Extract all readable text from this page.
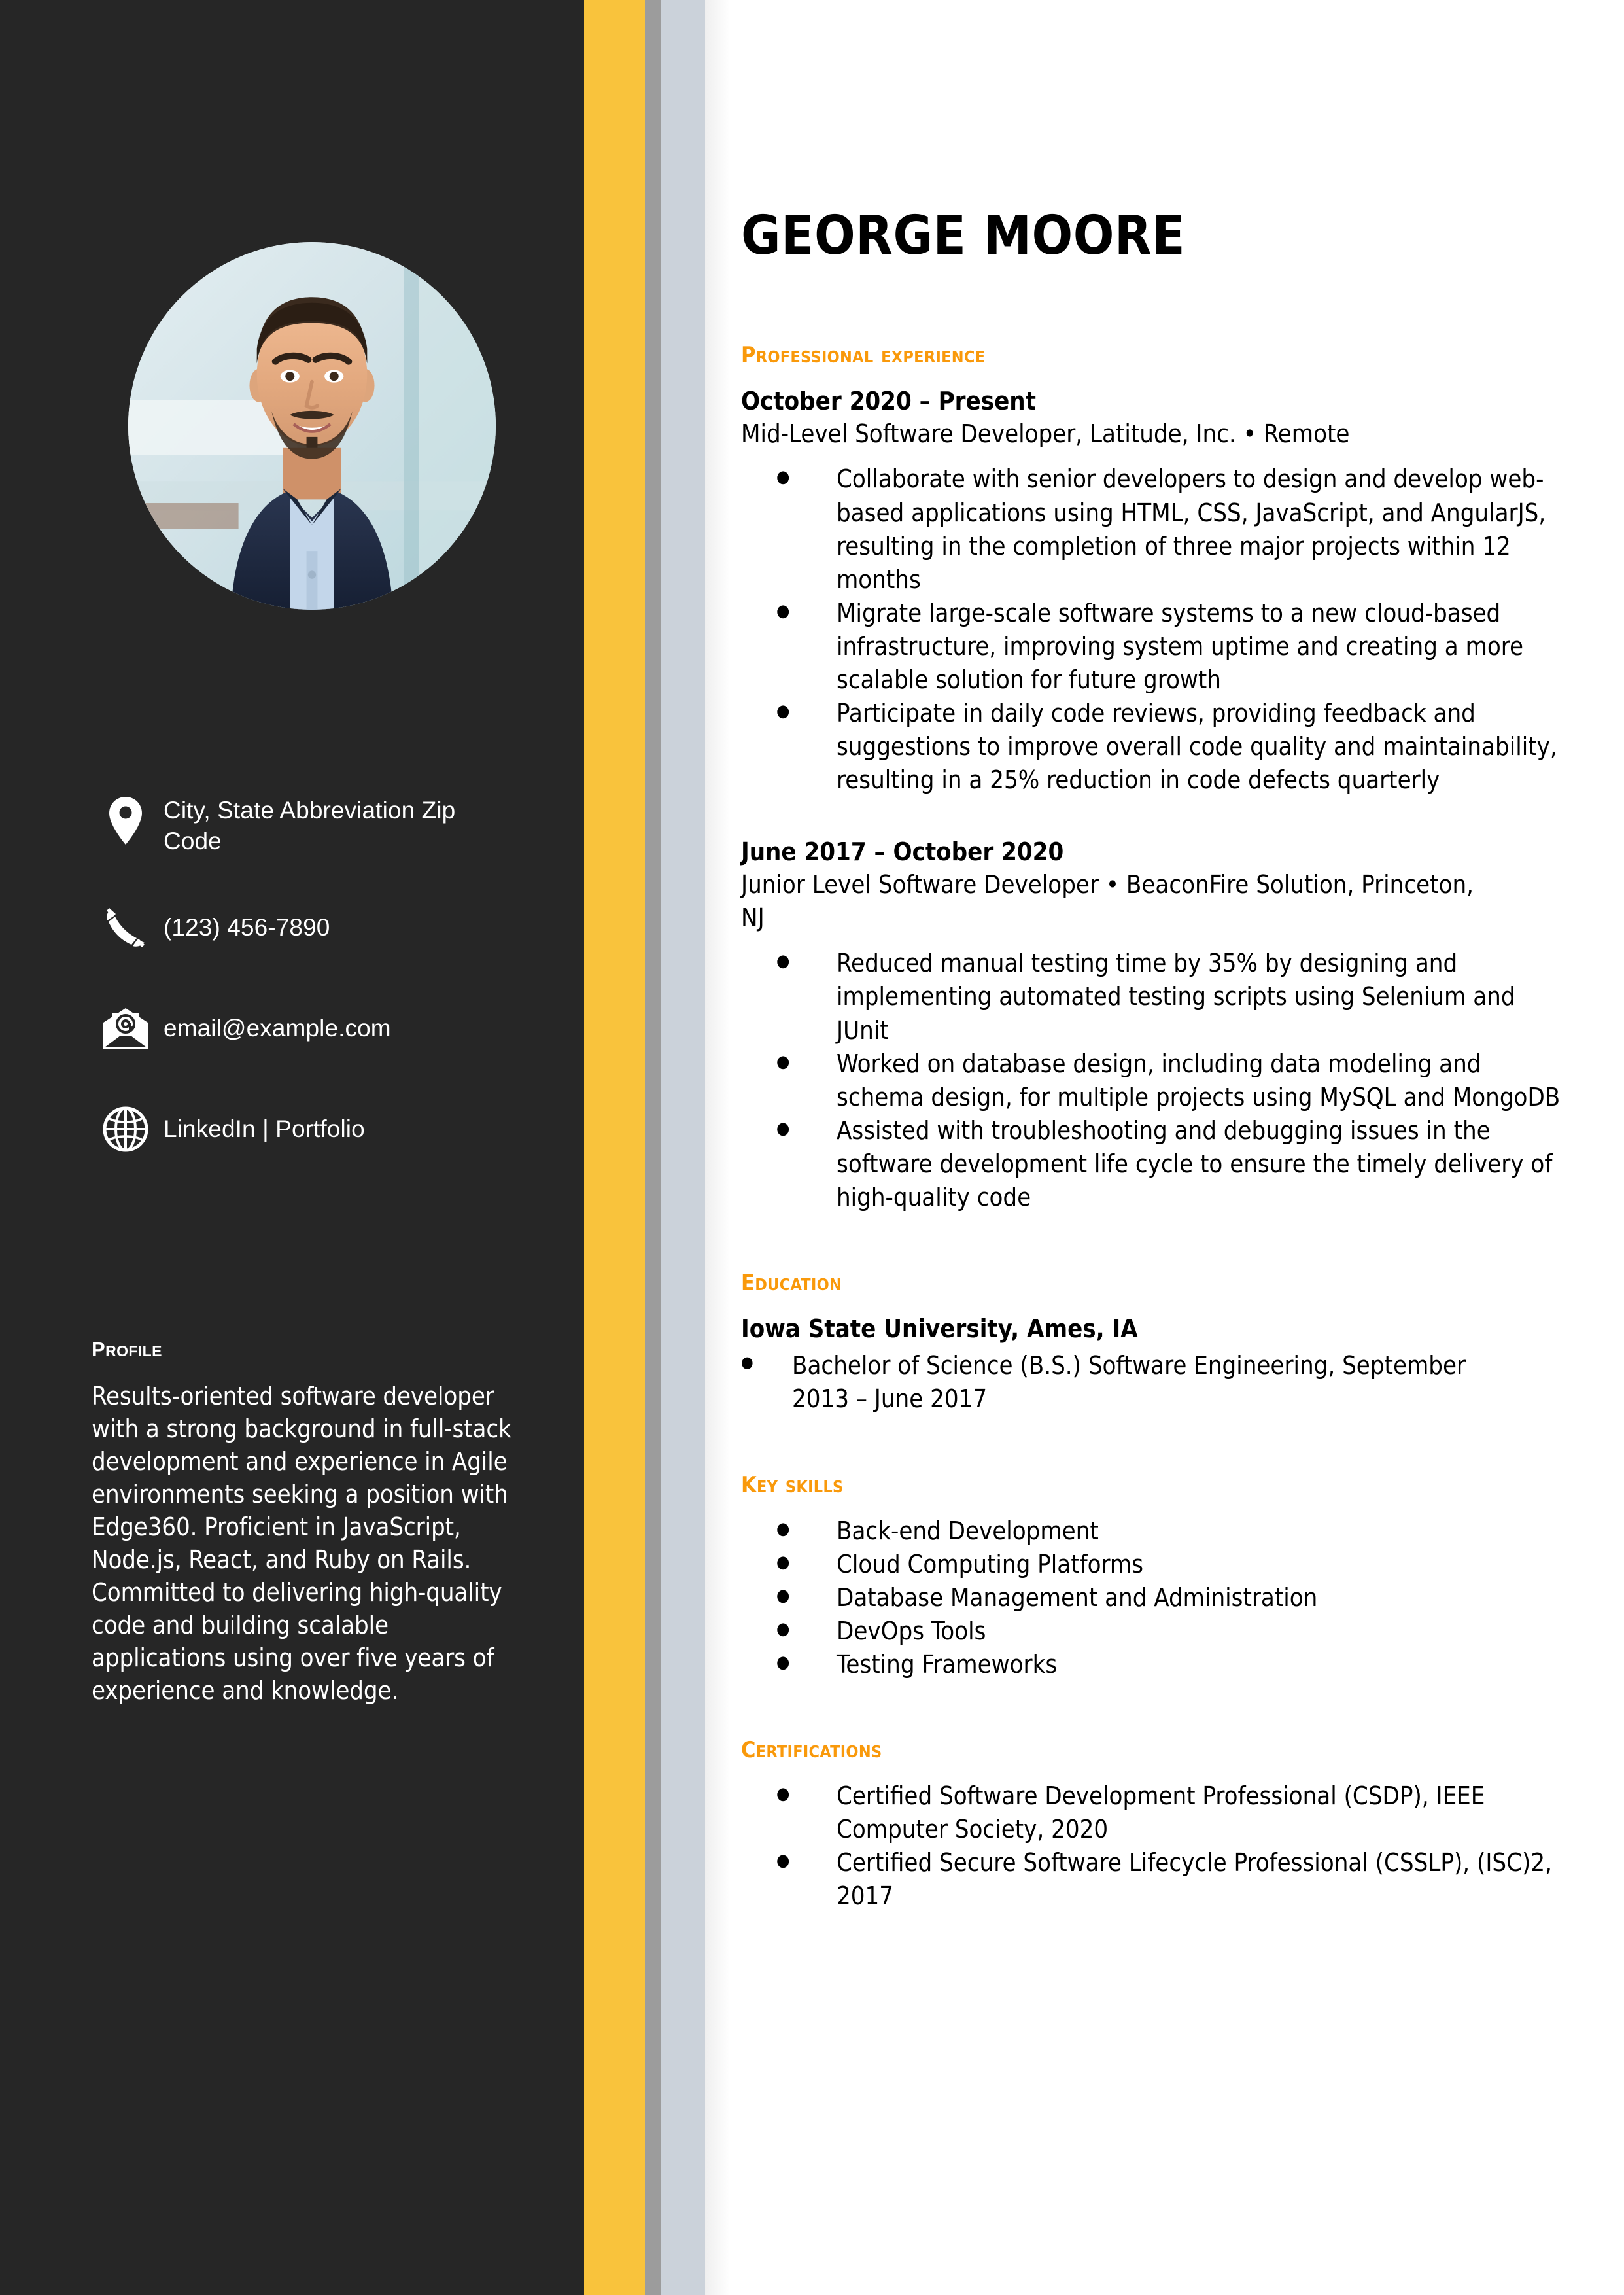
City, State Abbreviation Zip Code
(123) 456-7890
email@example.com
LinkedIn | Portfolio
profile

Results-oriented software developer with a strong background in full-stack development and experience in Agile environments seeking a position with Edge360. Proficient in JavaScript, Node.js, React, and Ruby on Rails. Committed to delivering high-quality code and building scalable applications using over five years of experience and knowledge.

GEORGE MOORE
professional experience

October 2020 – Present

Mid-Level Software Developer, Latitude, Inc. • Remote

● Collaborate with senior developers to design and develop web-based applications using HTML, CSS, JavaScript, and AngularJS, resulting in the completion of three major projects within 12 months
● Migrate large-scale software systems to a new cloud-based infrastructure, improving system uptime and creating a more scalable solution for future growth
● Participate in daily code reviews, providing feedback and suggestions to improve overall code quality and maintainability, resulting in a 25% reduction in code defects quarterly

June 2017 – October 2020

Junior Level Software Developer • BeaconFire Solution, Princeton, NJ

● Reduced manual testing time by 35% by designing and implementing automated testing scripts using Selenium and JUnit
● Worked on database design, including data modeling and schema design, for multiple projects using MySQL and MongoDB
● Assisted with troubleshooting and debugging issues in the software development life cycle to ensure the timely delivery of high-quality code
education

Iowa State University, Ames, IA

● Bachelor of Science (B.S.) Software Engineering, September 2013 – June 2017
key skills
● Back-end Development
● Cloud Computing Platforms
● Database Management and Administration
● DevOps Tools
● Testing Frameworks
certifications
● Certified Software Development Professional (CSDP), IEEE Computer Society, 2020
● Certified Secure Software Lifecycle Professional (CSSLP), (ISC)2, 2017
